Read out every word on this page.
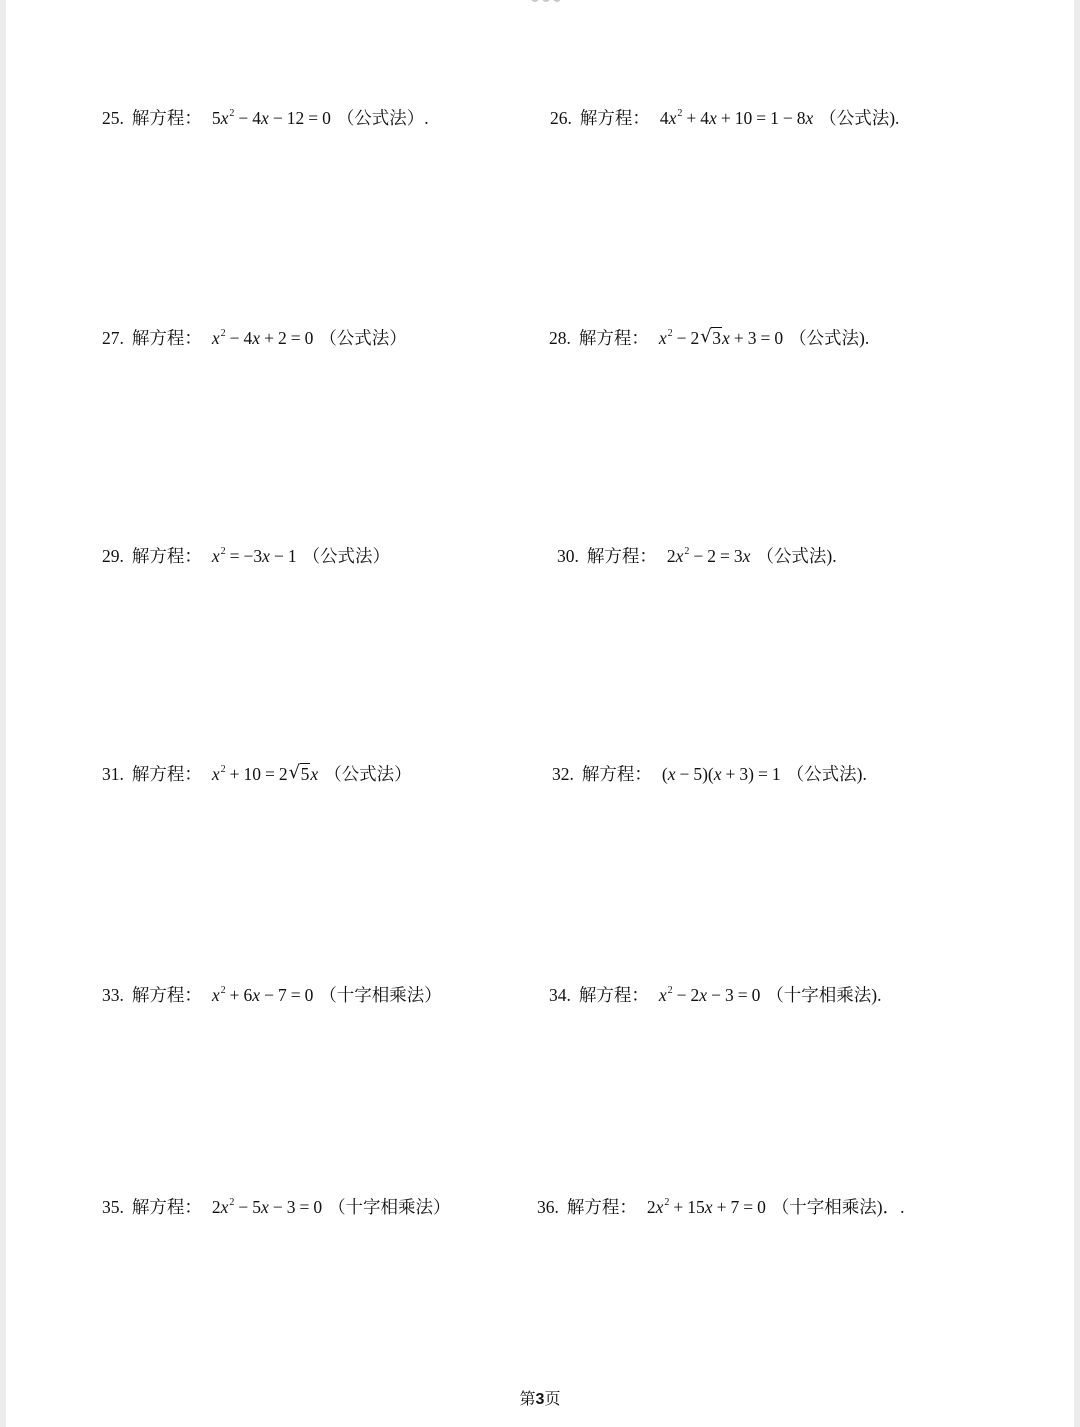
25. 解方程： $5x^2 - 4x - 12 = 0$ （公式法）.	26. 解方程： $4x^2 + 4x + 10 = 1 - 8x$ （公式法).
27. 解方程： $x^2 - 4x + 2 = 0$ （公式法）	28. 解方程： $x^2 - 2√$ 3x + 3 = 0 （公式法).
29. 解方程： $x^2 = -3x - 1$ （公式法）	30. 解方程： $2x^2 - 2 = 3x$ （公式法).
31. 解方程： $x^2 + 10 = 2√$ 5x （公式法）	32. 解方程： (x − 5)(x + 3) = 1 （公式法).
33. 解方程： $x^2 + 6x - 7 = 0$ （十字相乘法）	34. 解方程： $x^2 - 2x - 3 = 0$ （十字相乘法).
35. 解方程： $2x^2 - 5x - 3 = 0$ （十字相乘法）	36. 解方程： $2x^2 + 15x + 7 = 0$ （十字相乘法)．.
第3页
